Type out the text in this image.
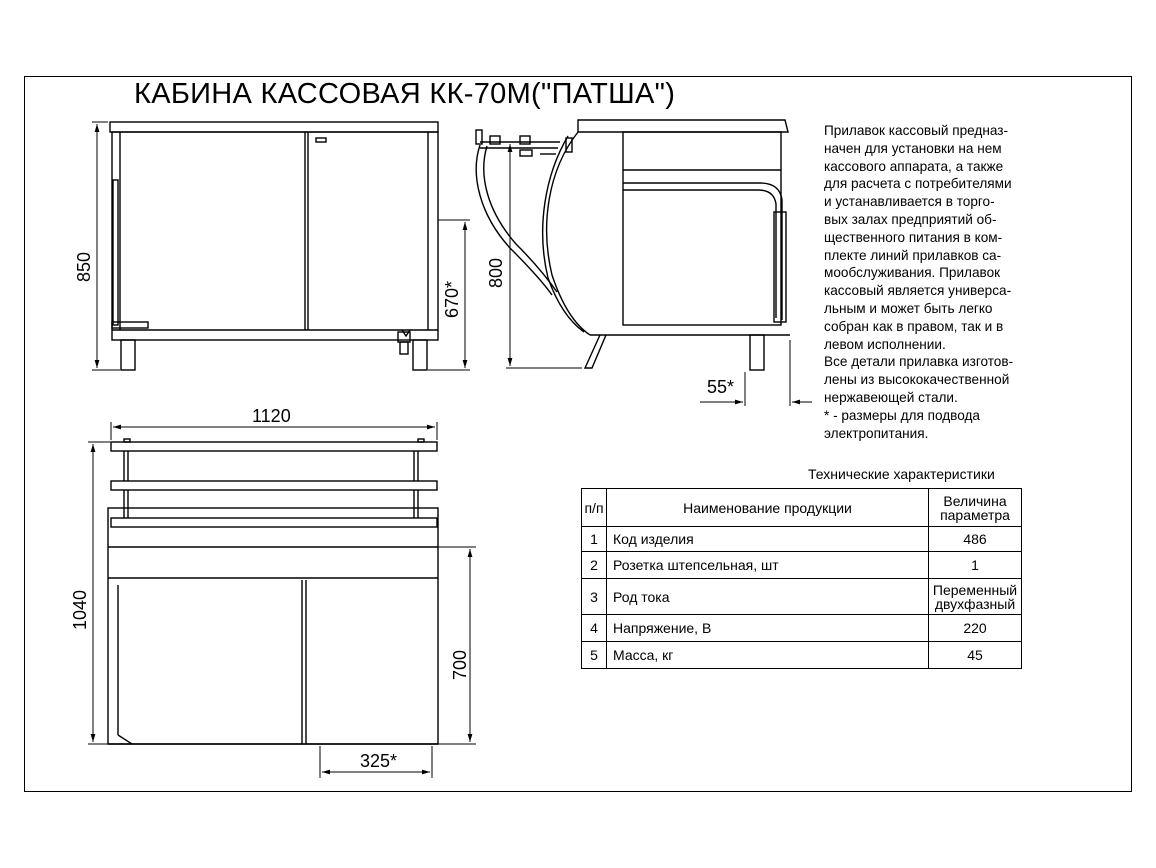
КАБИНА КАССОВАЯ КК-70М("ПАТША")
850
670*
800
55*
1120
1040
700
325*
Прилавок кассовый предназ-
начен для установки на нем
кассового аппарата, а также
для расчета с потребителями
и устанавливается в торго-
вых залах предприятий об-
щественного питания в ком-
плекте линий прилавков са-
мообслуживания. Прилавок
кассовый является универса-
льным и может быть легко
собран как в правом, так и в
левом исполнении.
Все детали прилавка изготов-
лены из высококачественной
нержавеющей стали.
* - размеры для подвода
электропитания.
Технические характеристики
п/п	Наименование продукции	Величина
параметра

1	Код изделия	486
2	Розетка штепсельная, шт	1
3	Род тока	Переменный
двухфазный

4	Напряжение, В	220
5	Масса, кг	45
